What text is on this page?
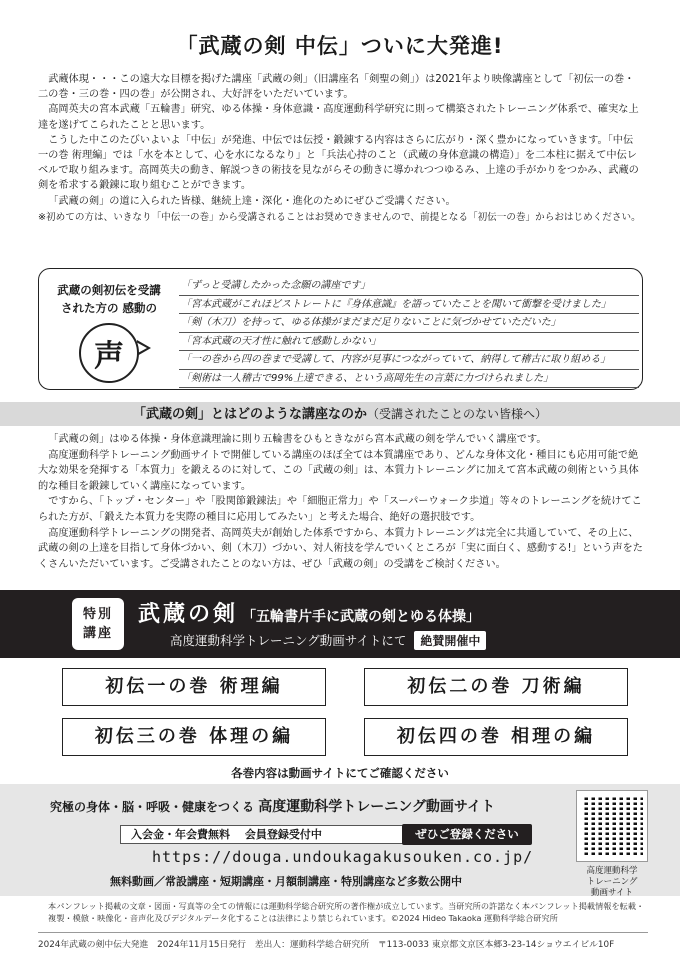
「武蔵の剣 中伝」ついに大発進!

武蔵体現・・・この遠大な目標を掲げた講座「武蔵の剣」（旧講座名「剣聖の剣」）は2021年より映像講座として「初伝一の巻・二の巻・三の巻・四の巻」が公開され、大好評をいただいています。

高岡英夫の宮本武蔵「五輪書」研究、ゆる体操・身体意識・高度運動科学研究に則って構築されたトレーニング体系で、確実な上達を遂げてこられたことと思います。

こうした中このたびいよいよ「中伝」が発進、中伝では伝授・鍛錬する内容はさらに広がり・深く豊かになっていきます。「中伝一の巻 術理編」では「水を本として、心を水になるなり」と「兵法心持のこと（武蔵の身体意識の構造）」を二本柱に据えて中伝レベルで取り組みます。高岡英夫の動き、解説つきの術技を見ながらその動きに導かれつつゆるみ、上達の手がかりをつかみ、武蔵の剣を希求する鍛錬に取り組むことができます。

「武蔵の剣」の道に入られた皆様、継続上達・深化・進化のためにぜひご受講ください。

※初めての方は、いきなり「中伝一の巻」から受講されることはお奨めできませんので、前提となる「初伝一の巻」からおはじめください。

武蔵の剣初伝を受講
された方の 感動の
声
「ずっと受講したかった念願の講座です」
「宮本武蔵がこれほどストレートに『身体意識』を語っていたことを聞いて衝撃を受けました」
「剣（木刀）を持って、ゆる体操がまだまだ足りないことに気づかせていただいた」
「宮本武蔵の天才性に触れて感動しかない」
「一の巻から四の巻まで受講して、内容が見事につながっていて、納得して稽古に取り組める」
「剣術は一人稽古で99%上達できる、という高岡先生の言葉に力づけられました」
「武蔵の剣」とはどのような講座なのか（受講されたことのない皆様へ）

「武蔵の剣」はゆる体操・身体意識理論に則り五輪書をひもときながら宮本武蔵の剣を学んでいく講座です。

高度運動科学トレーニング動画サイトで開催している講座のほぼ全ては本質講座であり、どんな身体文化・種目にも応用可能で絶大な効果を発揮する「本質力」を鍛えるのに対して、この「武蔵の剣」は、本質力トレーニングに加えて宮本武蔵の剣術という具体的な種目を鍛錬していく講座になっています。

ですから、「トップ・センター」や「股関節鍛錬法」や「細胞正常力」や「スーパーウォーク歩道」等々のトレーニングを続けてこられた方が、「鍛えた本質力を実際の種目に応用してみたい」と考えた場合、絶好の選択肢です。

高度運動科学トレーニングの開発者、高岡英夫が創始した体系ですから、本質力トレーニングは完全に共通していて、その上に、武蔵の剣の上達を目指して身体づかい、剣（木刀）づかい、対人術技を学んでいくところが「実に面白く、感動する!」という声をたくさんいただいています。ご受講されたことのない方は、ぜひ「武蔵の剣」の受講をご検討ください。

特別
講座
武蔵の剣 「五輪書片手に武蔵の剣とゆる体操」
高度運動科学トレーニング動画サイトにて 絶賛開催中
初伝一の巻 術理編	初伝二の巻 刀術編
初伝三の巻 体理の編	初伝四の巻 相理の編
各巻内容は動画サイトにてご確認ください
究極の身体・脳・呼吸・健康をつくる 高度運動科学トレーニング動画サイト
入会金・年会費無料　 会員登録受付中	ぜひご登録ください
https://douga.undoukagakusouken.co.jp/
無料動画／常設講座・短期講座・月額制講座・特別講座など多数公開中
高度運動科学
トレーニング
動画サイト
本パンフレット掲載の文章・図面・写真等の全ての情報には運動科学総合研究所の著作権が成立しています。当研究所の許諾なく本パンフレット掲載情報を転載・複製・模倣・映像化・音声化及びデジタルデータ化することは法律により禁じられています。©2024 Hideo Takaoka 運動科学総合研究所
2024年武蔵の剣中伝大発進　2024年11月15日発行　差出人：運動科学総合研究所　〒113-0033 東京都文京区本郷3-23-14ショウエイビル10F
